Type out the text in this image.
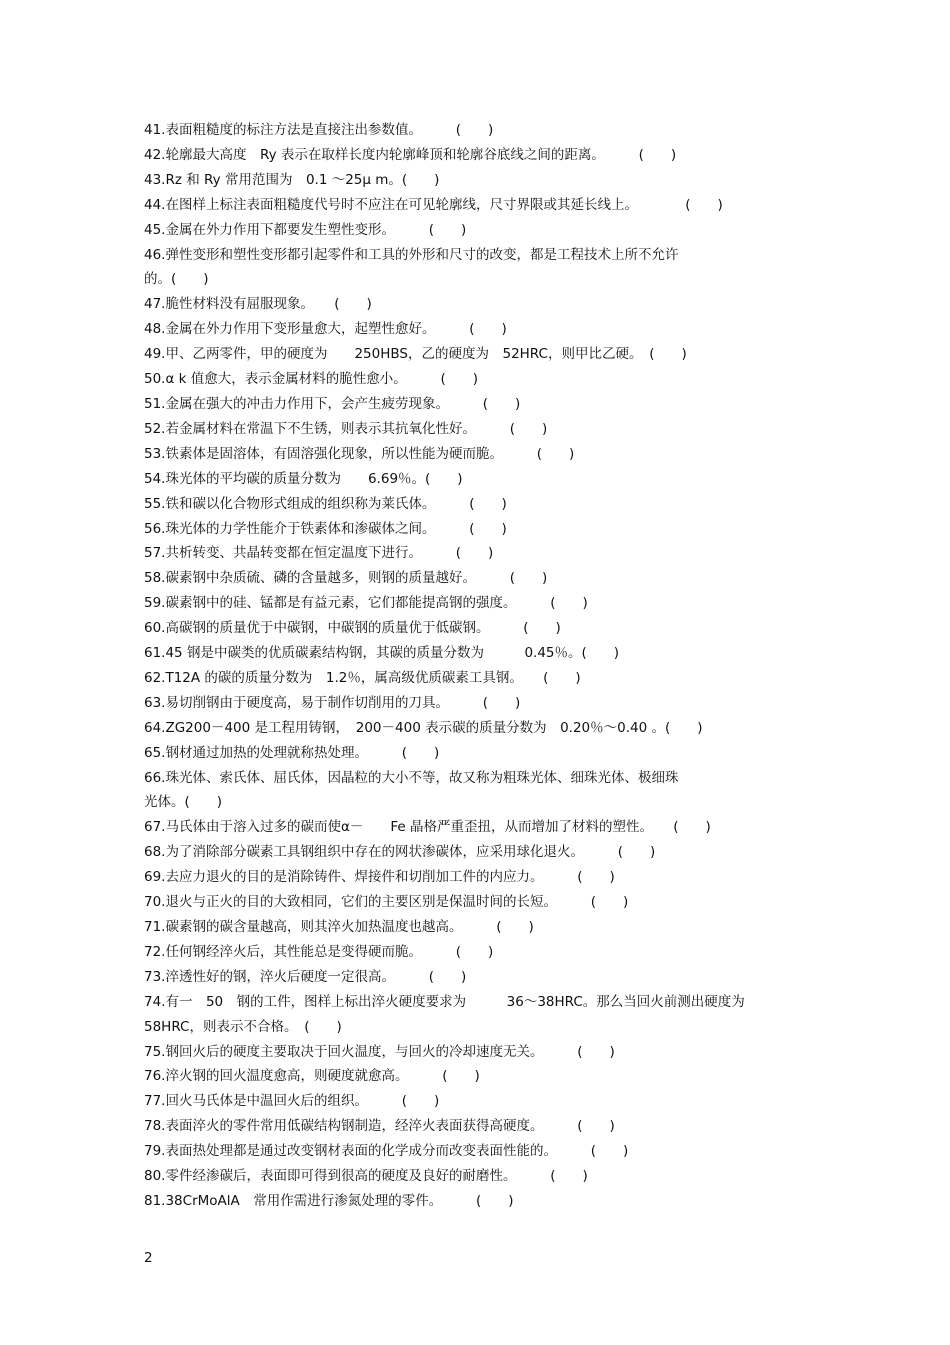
41.表面粗糙度的标注方法是直接注出参数值。　　　(　　)

42.轮廓最大高度　Ry 表示在取样长度内轮廓峰顶和轮廓谷底线之间的距离。　　　(　　)

43.Rz 和 Ry 常用范围为　0.1 ～25μ m。(　　)

44.在图样上标注表面粗糙度代号时不应注在可见轮廓线，尺寸界限或其延长线上。　　　　(　　)

45.金属在外力作用下都要发生塑性变形。　　　(　　)

46.弹性变形和塑性变形都引起零件和工具的外形和尺寸的改变，都是工程技术上所不允许

的。(　　)

47.脆性材料没有屈服现象。　　(　　)

48.金属在外力作用下变形量愈大，起塑性愈好。　　　(　　)

49.甲、乙两零件，甲的硬度为　　250HBS，乙的硬度为　52HRC，则甲比乙硬。　(　　)

50.α k 值愈大，表示金属材料的脆性愈小。　　　(　　)

51.金属在强大的冲击力作用下，会产生疲劳现象。　　　(　　)

52.若金属材料在常温下不生锈，则表示其抗氧化性好。　　　(　　)

53.铁素体是固溶体，有固溶强化现象，所以性能为硬而脆。　　　(　　)

54.珠光体的平均碳的质量分数为　　6.69％。(　　)

55.铁和碳以化合物形式组成的组织称为莱氏体。　　　(　　)

56.珠光体的力学性能介于铁素体和渗碳体之间。　　　(　　)

57.共析转变、共晶转变都在恒定温度下进行。　　　(　　)

58.碳素钢中杂质硫、磷的含量越多，则钢的质量越好。　　　(　　)

59.碳素钢中的硅、锰都是有益元素，它们都能提高钢的强度。　　　(　　)

60.高碳钢的质量优于中碳钢，中碳钢的质量优于低碳钢。　　　(　　)

61.45 钢是中碳类的优质碳素结构钢，其碳的质量分数为　　　0.45％。(　　)

62.T12A 的碳的质量分数为　1.2％，属高级优质碳素工具钢。　　(　　)

63.易切削钢由于硬度高，易于制作切削用的刀具。　　　(　　)

64.ZG200－400 是工程用铸钢，　200－400 表示碳的质量分数为　0.20％～0.40 。(　　)

65.钢材通过加热的处理就称热处理。　　　(　　)

66.珠光体、索氏体、屈氏体，因晶粒的大小不等，故又称为粗珠光体、细珠光体、极细珠

光体。(　　)

67.马氏体由于溶入过多的碳而使α－　　Fe 晶格严重歪扭，从而增加了材料的塑性。　　(　　)

68.为了消除部分碳素工具钢组织中存在的网状渗碳体，应采用球化退火。　　　(　　)

69.去应力退火的目的是消除铸件、焊接件和切削加工件的内应力。　　　(　　)

70.退火与正火的目的大致相同，它们的主要区别是保温时间的长短。　　　(　　)

71.碳素钢的碳含量越高，则其淬火加热温度也越高。　　　(　　)

72.任何钢经淬火后，其性能总是变得硬而脆。　　　(　　)

73.淬透性好的钢，淬火后硬度一定很高。　　　(　　)

74.有一　50　钢的工件，图样上标出淬火硬度要求为　　　36～38HRC。那么当回火前测出硬度为

58HRC，则表示不合格。　(　　)

75.钢回火后的硬度主要取决于回火温度，与回火的冷却速度无关。　　　(　　)

76.淬火钢的回火温度愈高，则硬度就愈高。　　　(　　)

77.回火马氏体是中温回火后的组织。　　　(　　)

78.表面淬火的零件常用低碳结构钢制造，经淬火表面获得高硬度。　　　(　　)

79.表面热处理都是通过改变钢材表面的化学成分而改变表面性能的。　　　(　　)

80.零件经渗碳后，表面即可得到很高的硬度及良好的耐磨性。　　　(　　)

81.38CrMoAlA　常用作需进行渗氮处理的零件。　　　(　　)

2
